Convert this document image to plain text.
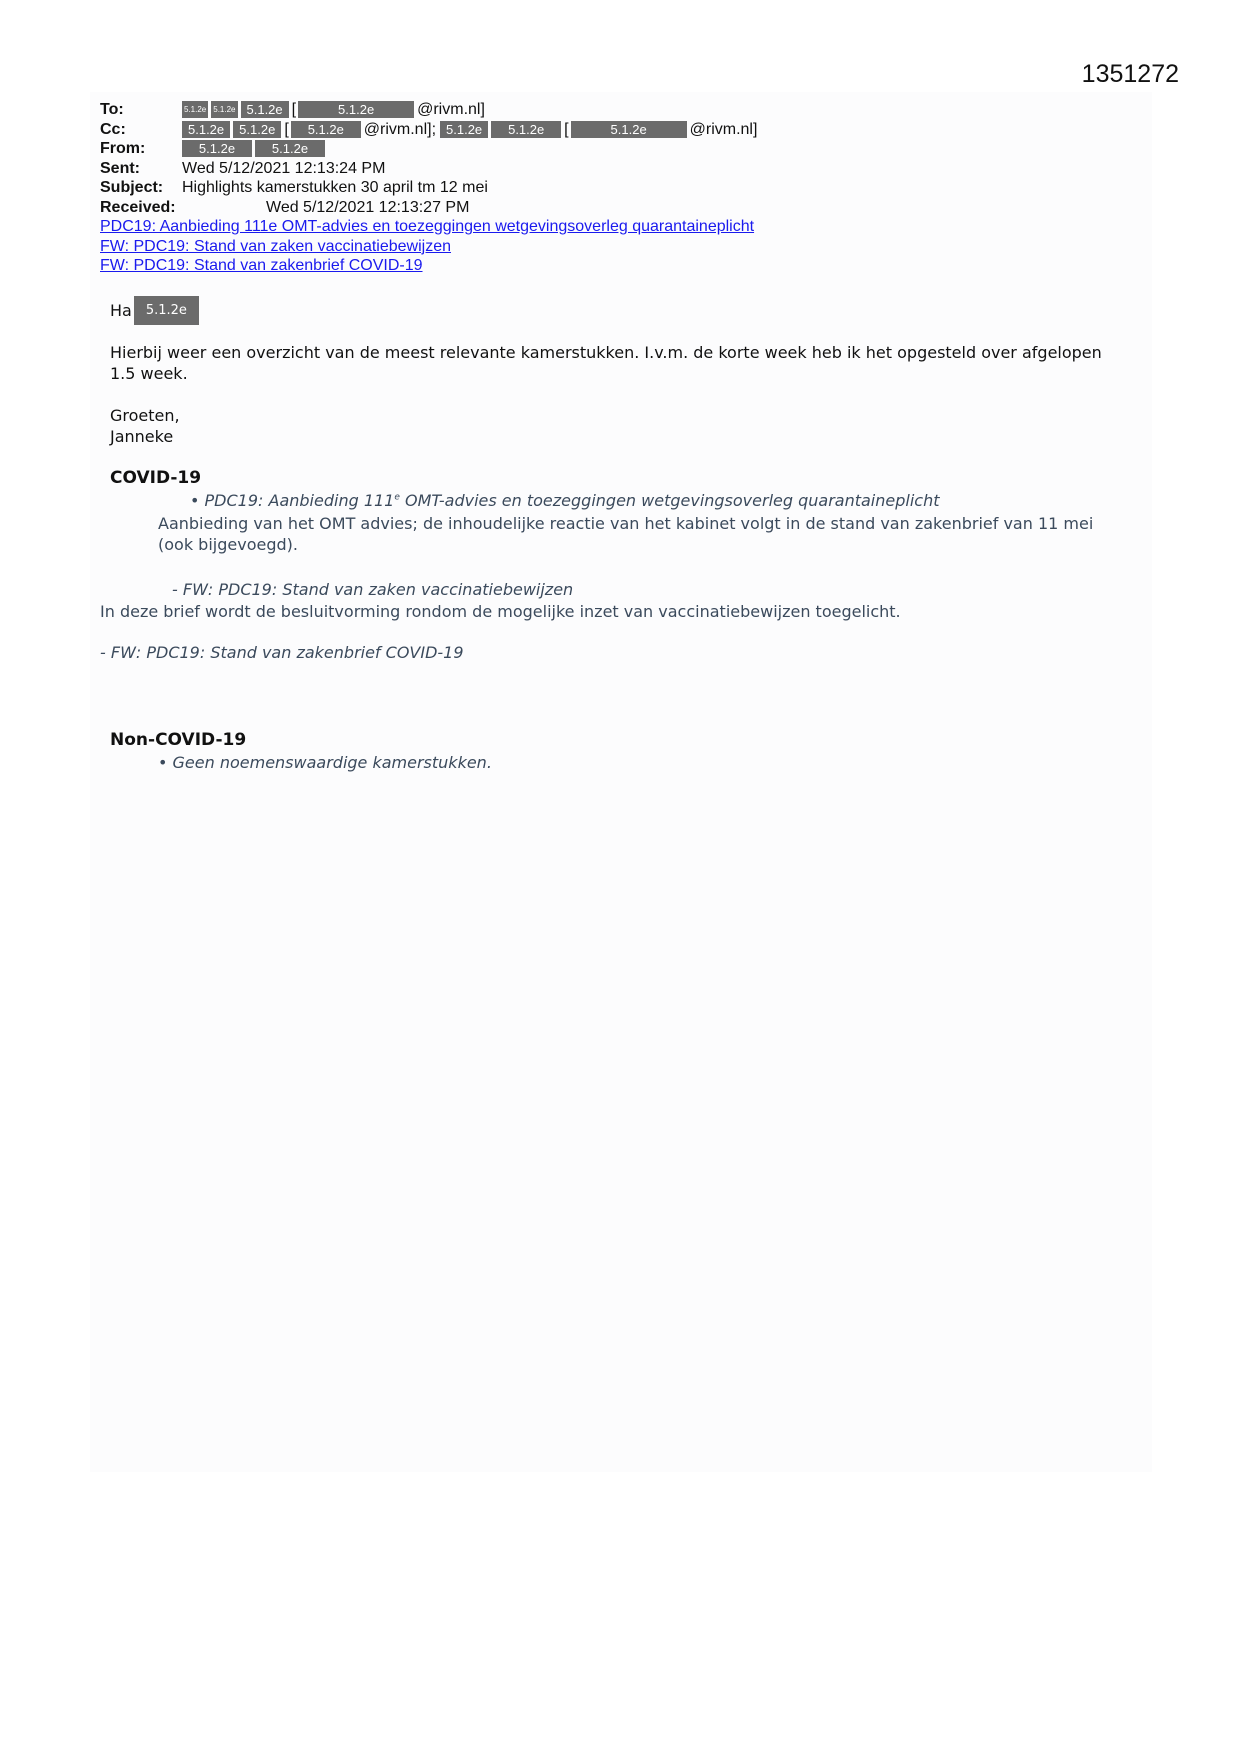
1351272
To:	5.1.2e 5.1.2e 5.1.2e [	5.1.2e	@rivm.nl]
Cc:	5.1.2e	5.1.2e [	5.1.2e	@rivm.nl]; 5.1.2e	5.1.2e	[	5.1.2e	@rivm.nl]
From:	5.1.2e	5.1.2e
Sent:	Wed 5/12/2021 12:13:24 PM
Subject:	Highlights kamerstukken 30 april tm 12 mei
Received:	Wed 5/12/2021 12:13:27 PM
PDC19: Aanbieding 111e OMT-advies en toezeggingen wetgevingsoverleg quarantaineplicht
FW: PDC19: Stand van zaken vaccinatiebewijzen
FW: PDC19: Stand van zakenbrief COVID-19
Ha	5.1.2e
Hierbij weer een overzicht van de meest relevante kamerstukken. I.v.m. de korte week heb ik het opgesteld over afgelopen 1.5 week.
Groeten,
Janneke
COVID-19
• PDC19: Aanbieding 111e OMT-advies en toezeggingen wetgevingsoverleg quarantaineplicht
Aanbieding van het OMT advies; de inhoudelijke reactie van het kabinet volgt in de stand van zakenbrief van 11 mei (ook bijgevoegd).
- FW: PDC19: Stand van zaken vaccinatiebewijzen
In deze brief wordt de besluitvorming rondom de mogelijke inzet van vaccinatiebewijzen toegelicht.
- FW: PDC19: Stand van zakenbrief COVID-19
Non-COVID-19
• Geen noemenswaardige kamerstukken.
